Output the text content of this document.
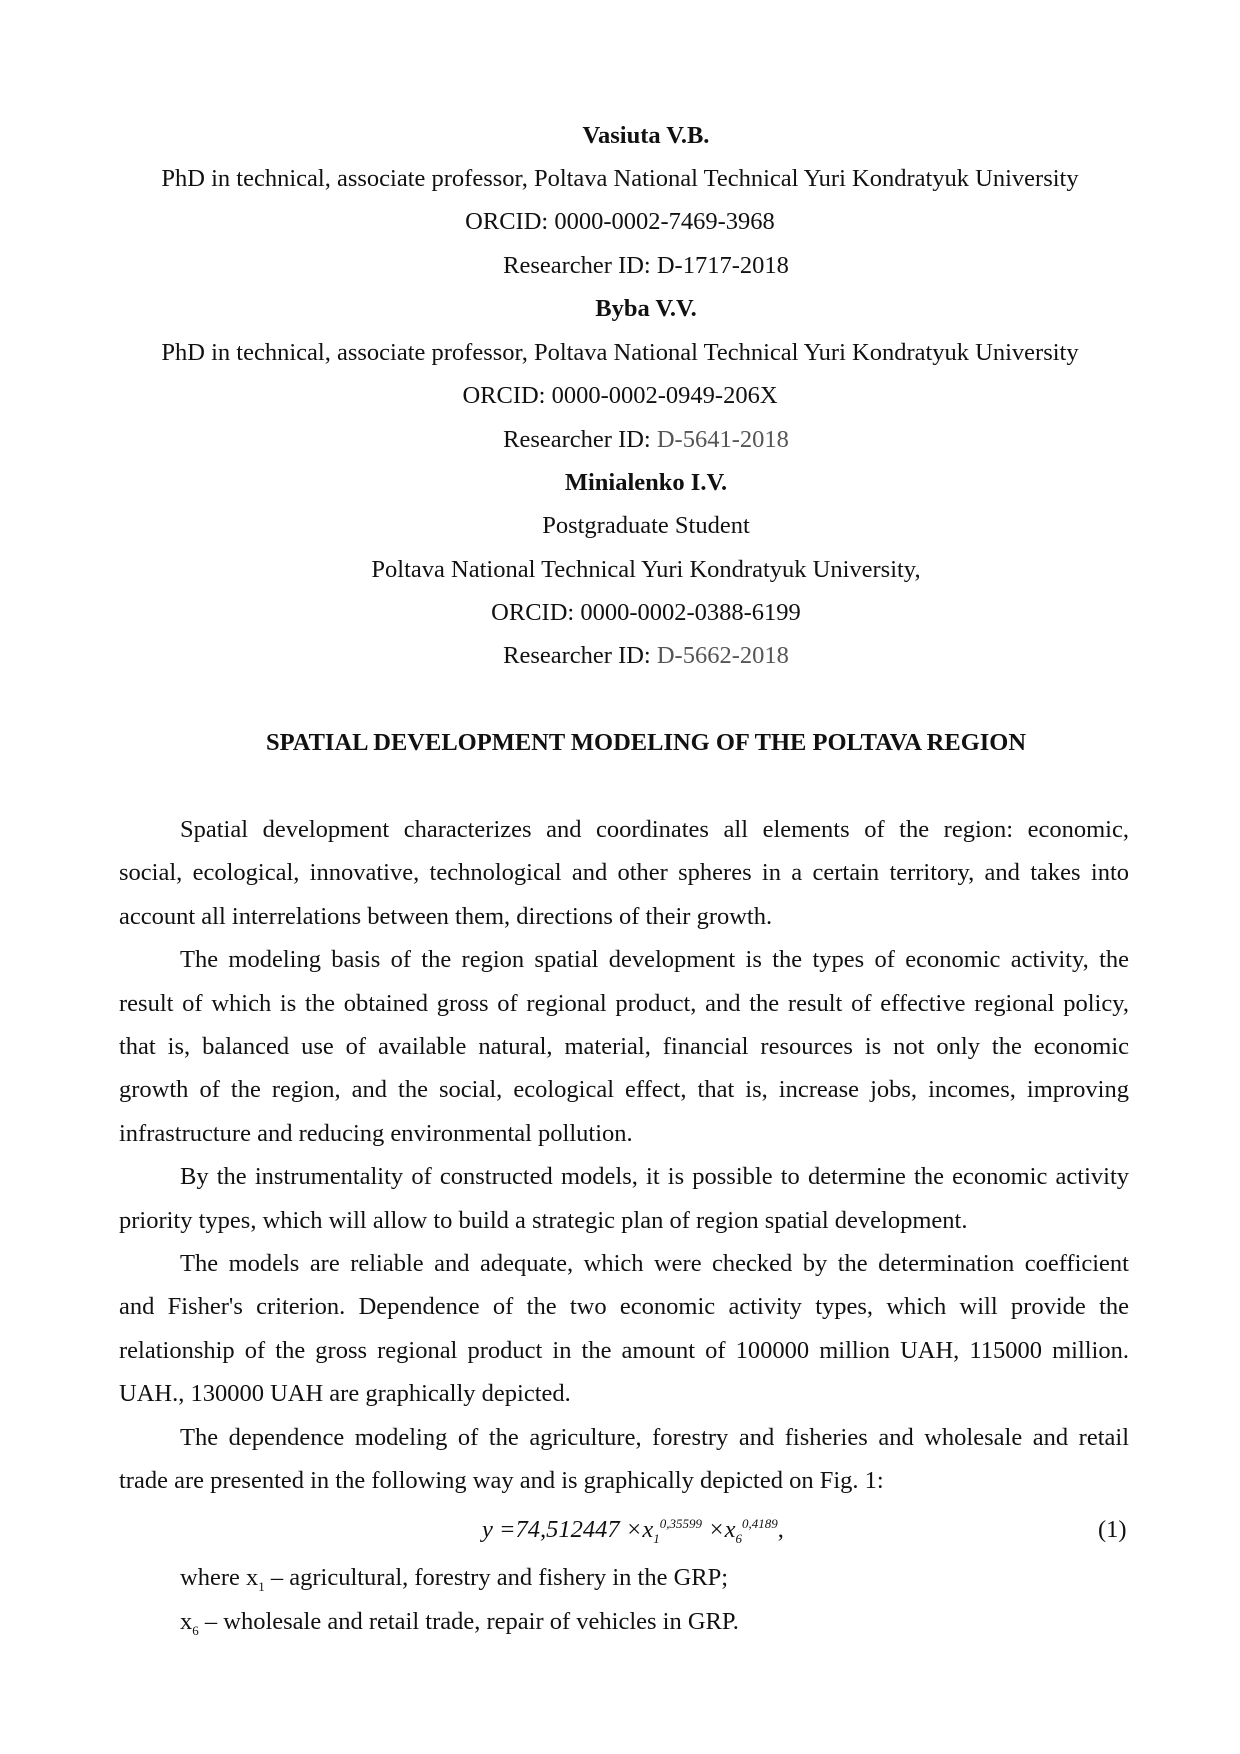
Vasiuta V.B.
PhD in technical, associate professor, Poltava National Technical Yuri Kondratyuk University
ORCID: 0000-0002-7469-3968
Researcher ID: D-1717-2018
Byba V.V.
PhD in technical, associate professor, Poltava National Technical Yuri Kondratyuk University
ORCID: 0000-0002-0949-206X
Researcher ID: D-5641-2018
Minialenko I.V.
Postgraduate Student
Poltava National Technical Yuri Kondratyuk University,
ORCID: 0000-0002-0388-6199
Researcher ID: D-5662-2018
SPATIAL DEVELOPMENT MODELING OF THE POLTAVA REGION
Spatial development characterizes and coordinates all elements of the region: economic,
social, ecological, innovative, technological and other spheres in a certain territory, and takes into
account all interrelations between them, directions of their growth.
The modeling basis of the region spatial development is the types of economic activity, the
result of which is the obtained gross of regional product, and the result of effective regional policy,
that is, balanced use of available natural, material, financial resources is not only the economic
growth of the region, and the social, ecological effect, that is, increase jobs, incomes, improving
infrastructure and reducing environmental pollution.
By the instrumentality of constructed models, it is possible to determine the economic activity
priority types, which will allow to build a strategic plan of region spatial development.
The models are reliable and adequate, which were checked by the determination coefficient
and Fisher's criterion. Dependence of the two economic activity types, which will provide the
relationship of the gross regional product in the amount of 100000 million UAH, 115000 million.
UAH., 130000 UAH are graphically depicted.
The dependence modeling of the agriculture, forestry and fisheries and wholesale and retail
trade are presented in the following way and is graphically depicted on Fig. 1:
$y =74,512447 \times x_1^{0,35599} \times x_6^{0,4189}$,	(1)
where $x_1$ – agricultural, forestry and fishery in the GRP;
$x_6$ – wholesale and retail trade, repair of vehicles in GRP.
